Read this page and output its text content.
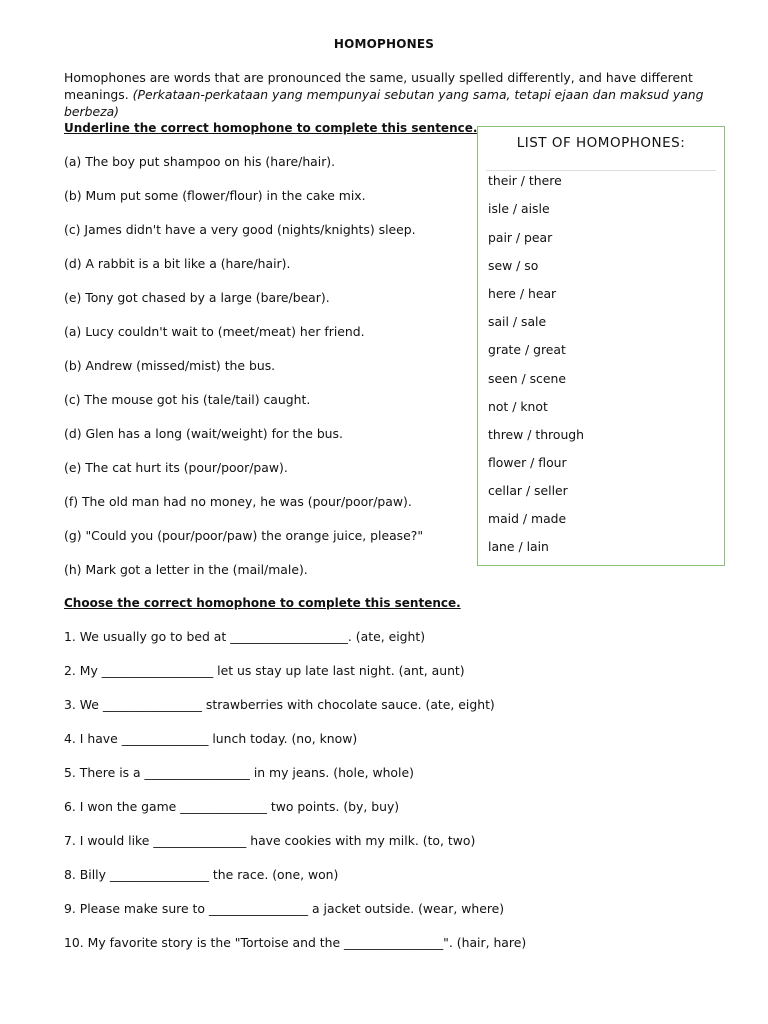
HOMOPHONES
Homophones are words that are pronounced the same, usually spelled differently, and have different meanings. (Perkataan-perkataan yang mempunyai sebutan yang sama, tetapi ejaan dan maksud yang berbeza)
Underline the correct homophone to complete this sentence.
(a) The boy put shampoo on his (hare/hair).
(b) Mum put some (flower/flour) in the cake mix.
(c) James didn't have a very good (nights/knights) sleep.
(d) A rabbit is a bit like a (hare/hair).
(e) Tony got chased by a large (bare/bear).
(a) Lucy couldn't wait to (meet/meat) her friend.
(b) Andrew (missed/mist) the bus.
(c) The mouse got his (tale/tail) caught.
(d) Glen has a long (wait/weight) for the bus.
(e) The cat hurt its (pour/poor/paw).
(f) The old man had no money, he was (pour/poor/paw).
(g) "Could you (pour/poor/paw) the orange juice, please?"
(h) Mark got a letter in the (mail/male).
LIST OF HOMOPHONES:
their / there
isle / aisle
pair / pear
sew / so
here / hear
sail / sale
grate / great
seen / scene
not / knot
threw / through
flower / flour
cellar / seller
maid / made
lane / lain
Choose the correct homophone to complete this sentence.
1. We usually go to bed at ___________________. (ate, eight)
2. My __________________ let us stay up late last night. (ant, aunt)
3. We ________________ strawberries with chocolate sauce. (ate, eight)
4. I have ______________ lunch today. (no, know)
5. There is a _________________ in my jeans. (hole, whole)
6. I won the game ______________ two points. (by, buy)
7. I would like _______________ have cookies with my milk. (to, two)
8. Billy ________________ the race. (one, won)
9. Please make sure to ________________ a jacket outside. (wear, where)
10. My favorite story is the "Tortoise and the ________________". (hair, hare)
